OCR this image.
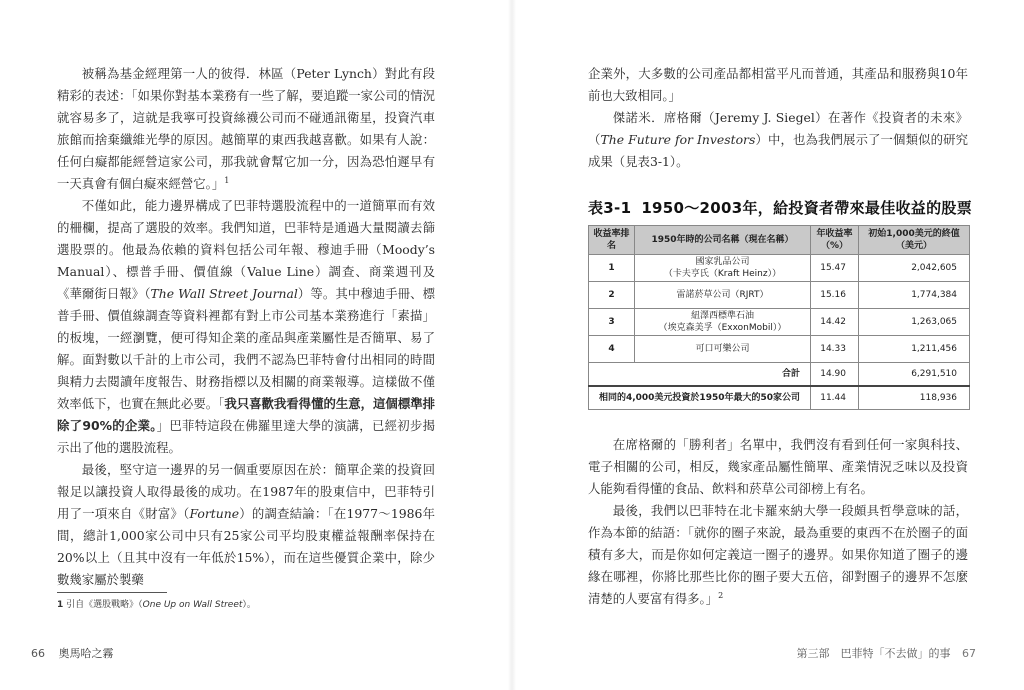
被稱為基金經理第一人的彼得．林區（Peter Lynch）對此有段精彩的表述：「如果你對基本業務有一些了解，要追蹤一家公司的情況就容易多了，這就是我寧可投資絲襪公司而不碰通訊衛星，投資汽車旅館而捨棄纖維光學的原因。越簡單的東西我越喜歡。如果有人說：任何白癡都能經營這家公司，那我就會幫它加一分，因為恐怕遲早有一天真會有個白癡來經營它。」$^1$

不僅如此，能力邊界構成了巴菲特選股流程中的一道簡單而有效的柵欄，提高了選股的效率。我們知道，巴菲特是通過大量閱讀去篩選股票的。他最為依賴的資料包括公司年報、穆迪手冊（Moody’s Manual）、標普手冊、價值線（Value Line）調查、商業週刊及《華爾街日報》（The Wall Street Journal）等。其中穆迪手冊、標普手冊、價值線調查等資料裡都有對上市公司基本業務進行「素描」的板塊，一經瀏覽，便可得知企業的產品與產業屬性是否簡單、易了解。面對數以千計的上市公司，我們不認為巴菲特會付出相同的時間與精力去閱讀年度報告、財務指標以及相關的商業報導。這樣做不僅效率低下，也實在無此必要。「我只喜歡我看得懂的生意，這個標準排除了90%的企業。」巴菲特這段在佛羅里達大學的演講，已經初步揭示出了他的選股流程。

最後，堅守這一邊界的另一個重要原因在於：簡單企業的投資回報足以讓投資人取得最後的成功。在1987年的股東信中，巴菲特引用了一項來自《財富》（Fortune）的調查結論：「在1977～1986年間，總計1,000家公司中只有25家公司平均股東權益報酬率保持在20%以上（且其中沒有一年低於15%），而在這些優質企業中，除少數幾家屬於製藥

1 引自《選股戰略》（One Up on Wall Street）。
66 奧馬哈之霧

企業外，大多數的公司產品都相當平凡而普通，其產品和服務與10年前也大致相同。」

傑諾米．席格爾（Jeremy J. Siegel）在著作《投資者的未來》（The Future for Investors）中，也為我們展示了一個類似的研究成果（見表3-1）。

表3-1 1950～2003年，給投資者帶來最佳收益的股票
收益率排名	1950年時的公司名稱（現在名稱）	年收益率（%）	初始1,000美元的終值（美元）
1	國家乳品公司
（卡夫亨氏（Kraft Heinz））	15.47	2,042,605
2	雷諾菸草公司（RJRT）	15.16	1,774,384
3	紐澤西標準石油
（埃克森美孚（ExxonMobil））	14.42	1,263,065
4	可口可樂公司	14.33	1,211,456
合計		14.90	6,291,510
相同的4,000美元投資於1950年最大的50家公司		11.44	118,936

在席格爾的「勝利者」名單中，我們沒有看到任何一家與科技、電子相關的公司，相反，幾家產品屬性簡單、產業情況乏味以及投資人能夠看得懂的食品、飲料和菸草公司卻榜上有名。

最後，我們以巴菲特在北卡羅來納大學一段頗具哲學意味的話，作為本節的結語：「就你的圈子來說，最為重要的東西不在於圈子的面積有多大，而是你如何定義這一圈子的邊界。如果你知道了圈子的邊緣在哪裡，你將比那些比你的圈子要大五倍，卻對圈子的邊界不怎麼清楚的人要富有得多。」$^2$

第三部　巴菲特「不去做」的事 67
